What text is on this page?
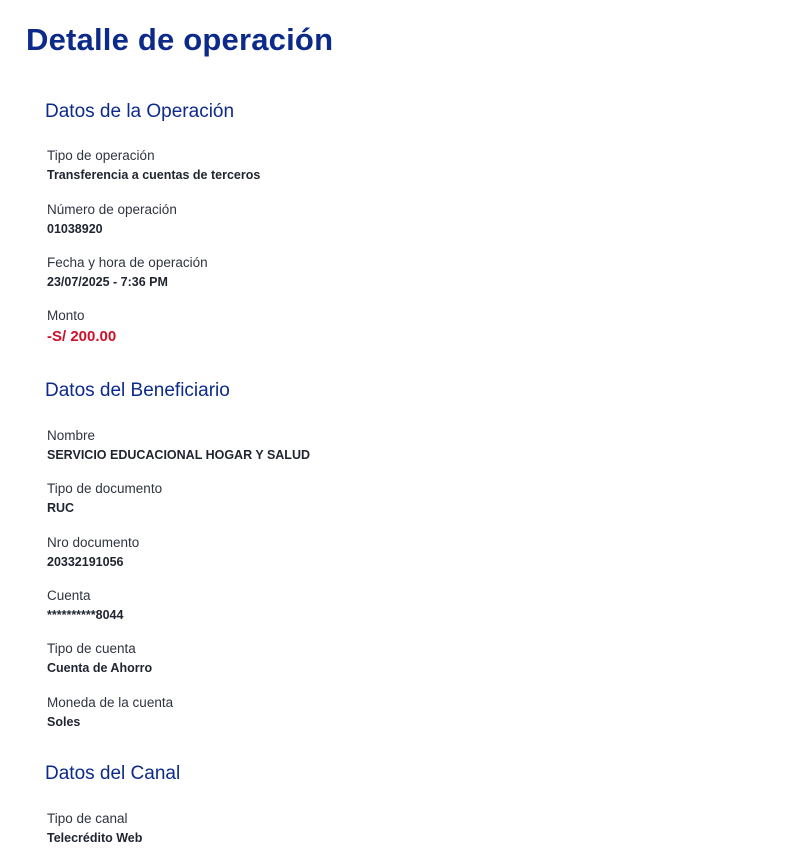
Detalle de operación
Datos de la Operación
Tipo de operación
Transferencia a cuentas de terceros
Número de operación
01038920
Fecha y hora de operación
23/07/2025 - 7:36 PM
Monto
-S/ 200.00
Datos del Beneficiario
Nombre
SERVICIO EDUCACIONAL HOGAR Y SALUD
Tipo de documento
RUC
Nro documento
20332191056
Cuenta
**********8044
Tipo de cuenta
Cuenta de Ahorro
Moneda de la cuenta
Soles
Datos del Canal
Tipo de canal
Telecrédito Web
